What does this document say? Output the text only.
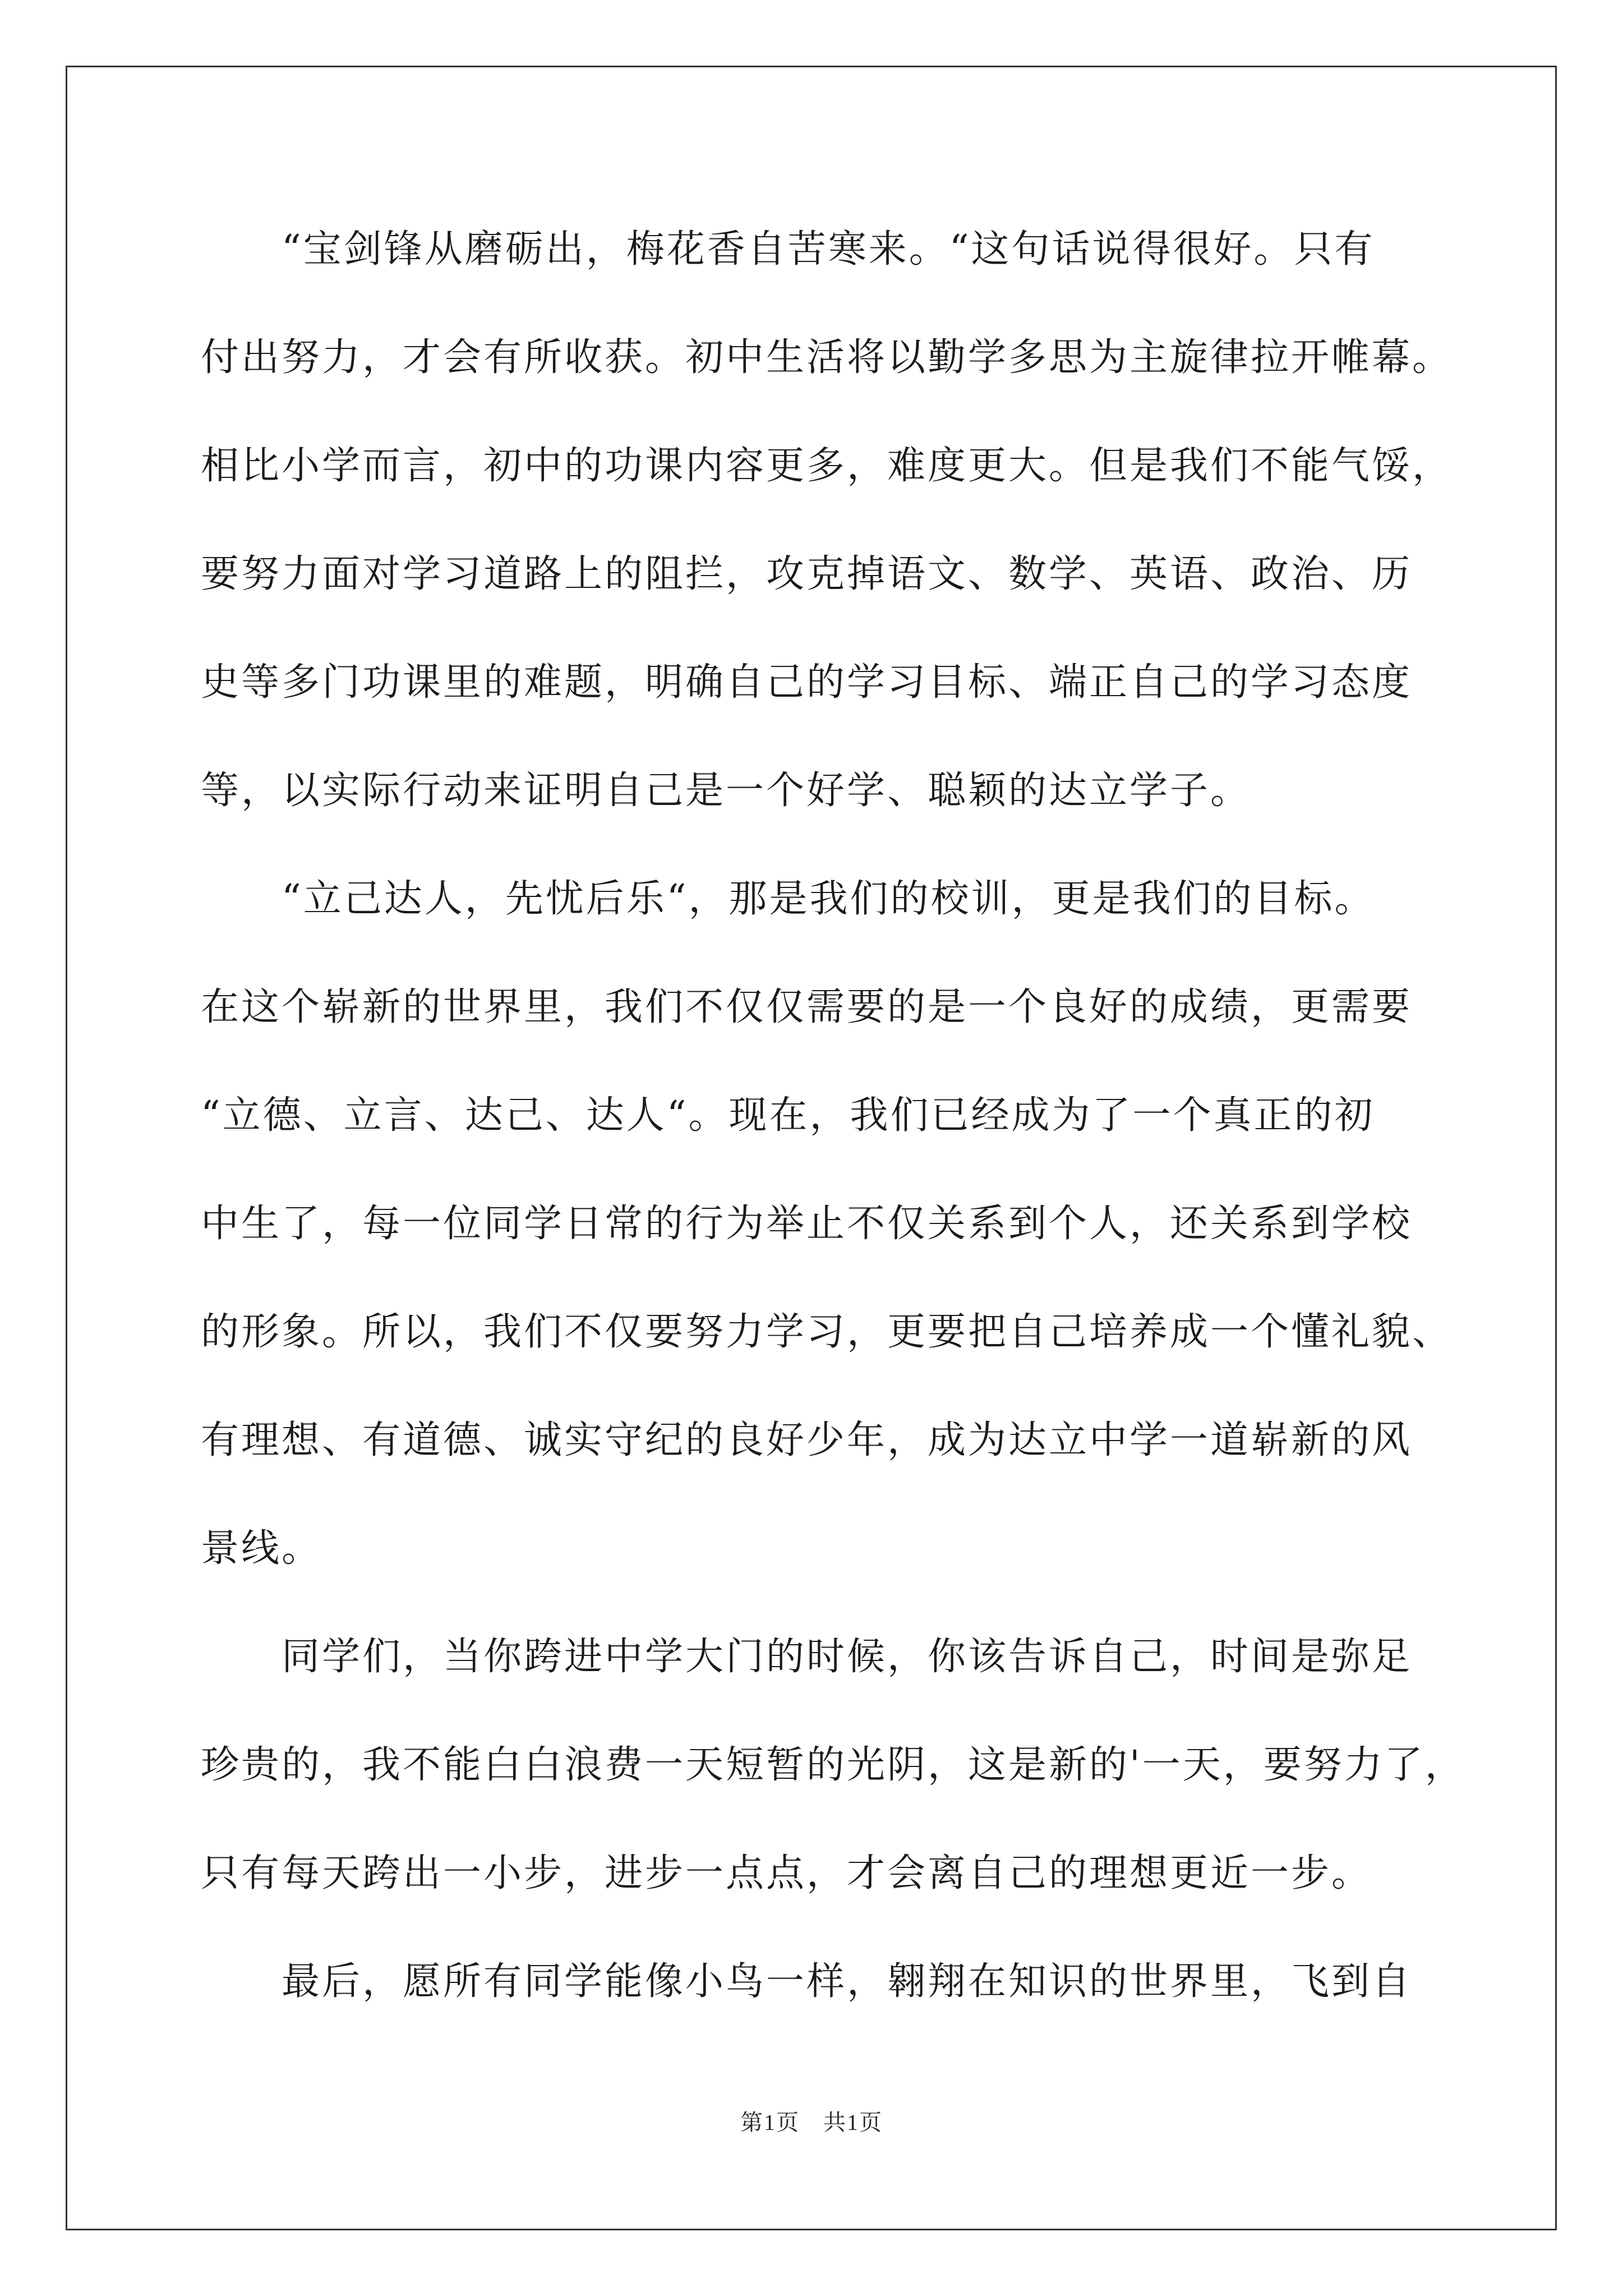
“宝剑锋从磨砺出，梅花香自苦寒来。“这句话说得很好。只有
付出努力，才会有所收获。初中生活将以勤学多思为主旋律拉开帷幕。
相比小学而言，初中的功课内容更多，难度更大。但是我们不能气馁，
要努力面对学习道路上的阻拦，攻克掉语文、数学、英语、政治、历
史等多门功课里的难题，明确自己的学习目标、端正自己的学习态度
等，以实际行动来证明自己是一个好学、聪颖的达立学子。
“立己达人，先忧后乐“，那是我们的校训，更是我们的目标。
在这个崭新的世界里，我们不仅仅需要的是一个良好的成绩，更需要
“立德、立言、达己、达人“。现在，我们已经成为了一个真正的初
中生了，每一位同学日常的行为举止不仅关系到个人，还关系到学校
的形象。所以，我们不仅要努力学习，更要把自己培养成一个懂礼貌、
有理想、有道德、诚实守纪的良好少年，成为达立中学一道崭新的风
景线。
同学们，当你跨进中学大门的时候，你该告诉自己，时间是弥足
珍贵的，我不能白白浪费一天短暂的光阴，这是新的'一天，要努力了，
只有每天跨出一小步，进步一点点，才会离自己的理想更近一步。
最后，愿所有同学能像小鸟一样，翱翔在知识的世界里，飞到自
第1页　共1页
